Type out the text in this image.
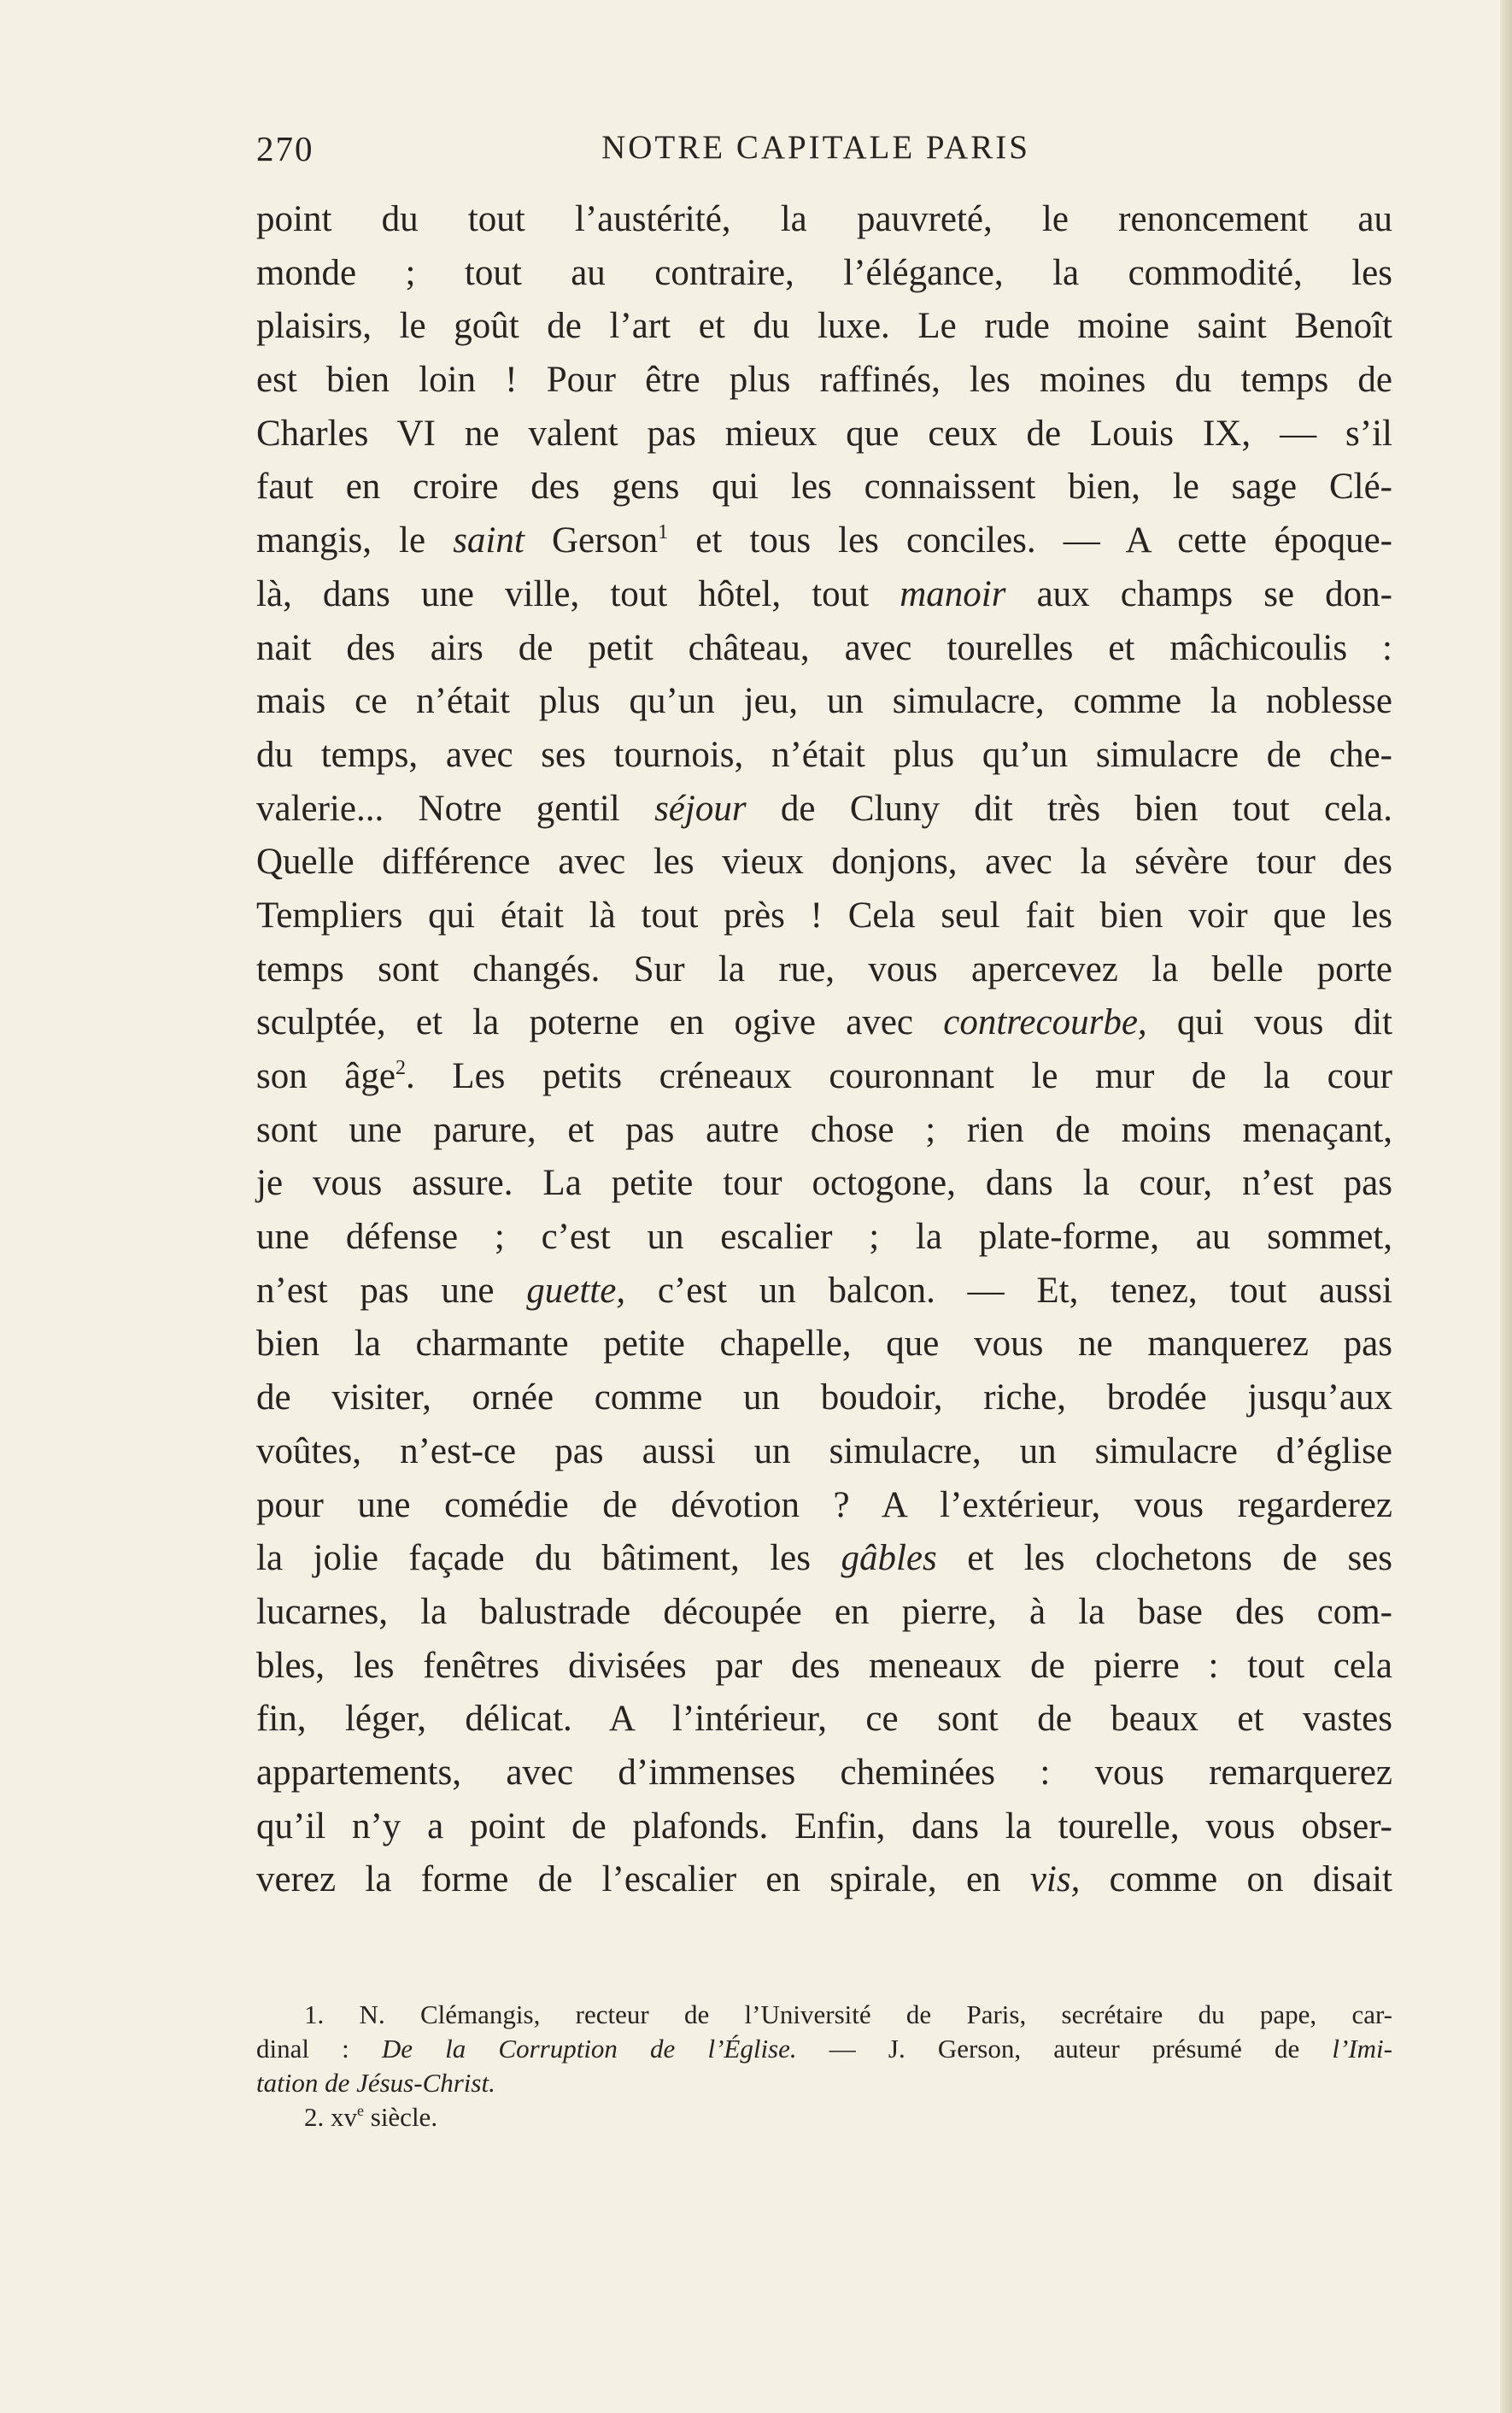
270	NOTRE CAPITALE PARIS
point du tout l’austérité, la pauvreté, le renoncement au
monde ; tout au contraire, l’élégance, la commodité, les
plaisirs, le goût de l’art et du luxe. Le rude moine saint Benoît
est bien loin ! Pour être plus raffinés, les moines du temps de
Charles VI ne valent pas mieux que ceux de Louis IX, — s’il
faut en croire des gens qui les connaissent bien, le sage Clé-
mangis, le saint Gerson$^1$ et tous les conciles. — A cette époque-
là, dans une ville, tout hôtel, tout manoir aux champs se don-
nait des airs de petit château, avec tourelles et mâchicoulis :
mais ce n’était plus qu’un jeu, un simulacre, comme la noblesse
du temps, avec ses tournois, n’était plus qu’un simulacre de che-
valerie... Notre gentil séjour de Cluny dit très bien tout cela.
Quelle différence avec les vieux donjons, avec la sévère tour des
Templiers qui était là tout près ! Cela seul fait bien voir que les
temps sont changés. Sur la rue, vous apercevez la belle porte
sculptée, et la poterne en ogive avec contrecourbe, qui vous dit
son âge$^2$. Les petits créneaux couronnant le mur de la cour
sont une parure, et pas autre chose ; rien de moins menaçant,
je vous assure. La petite tour octogone, dans la cour, n’est pas
une défense ; c’est un escalier ; la plate-forme, au sommet,
n’est pas une guette, c’est un balcon. — Et, tenez, tout aussi
bien la charmante petite chapelle, que vous ne manquerez pas
de visiter, ornée comme un boudoir, riche, brodée jusqu’aux
voûtes, n’est-ce pas aussi un simulacre, un simulacre d’église
pour une comédie de dévotion ? A l’extérieur, vous regarderez
la jolie façade du bâtiment, les gâbles et les clochetons de ses
lucarnes, la balustrade découpée en pierre, à la base des com-
bles, les fenêtres divisées par des meneaux de pierre : tout cela
fin, léger, délicat. A l’intérieur, ce sont de beaux et vastes
appartements, avec d’immenses cheminées : vous remarquerez
qu’il n’y a point de plafonds. Enfin, dans la tourelle, vous obser-
verez la forme de l’escalier en spirale, en vis, comme on disait
1. N. Clémangis, recteur de l’Université de Paris, secrétaire du pape, car-
dinal : De la Corruption de l’Église. — J. Gerson, auteur présumé de l’Imi-
tation de Jésus-Christ.
2. $xv^e$ siècle.
